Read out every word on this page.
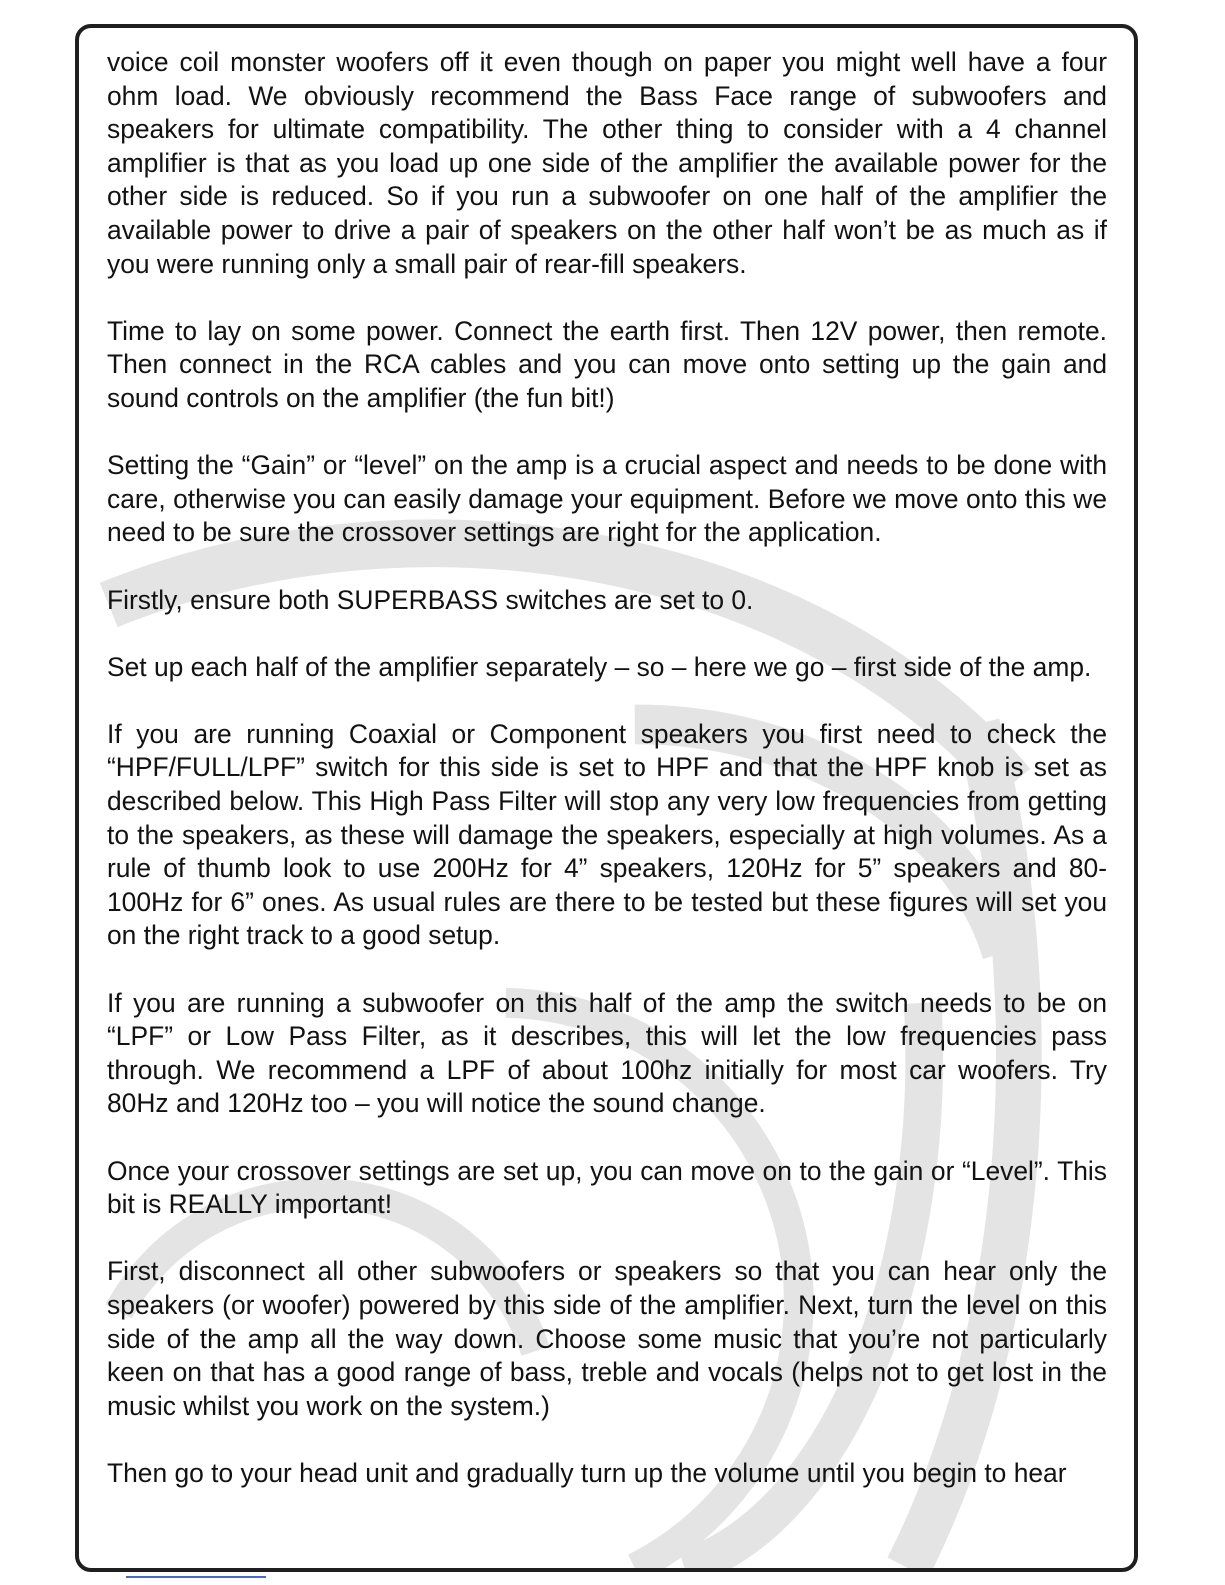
voice coil monster woofers off it even though on paper you might well have a four ohm load. We obviously recommend the Bass Face range of subwoofers and speakers for ultimate compatibility. The other thing to consider with a 4 channel amplifier is that as you load up one side of the amplifier the available power for the other side is reduced. So if you run a subwoofer on one half of the amplifier the available power to drive a pair of speakers on the other half won’t be as much as if you were running only a small pair of rear-fill speakers.

Time to lay on some power. Connect the earth first. Then 12V power, then remote. Then connect in the RCA cables and you can move onto setting up the gain and sound controls on the amplifier (the fun bit!)

Setting the “Gain” or “level” on the amp is a crucial aspect and needs to be done with care, otherwise you can easily damage your equipment. Before we move onto this we need to be sure the crossover settings are right for the application.

Firstly, ensure both SUPERBASS switches are set to 0.

Set up each half of the amplifier separately – so – here we go – first side of the amp.

If you are running Coaxial or Component speakers you first need to check the “HPF/FULL/LPF” switch for this side is set to HPF and that the HPF knob is set as described below. This High Pass Filter will stop any very low frequencies from getting to the speakers, as these will damage the speakers, especially at high volumes. As a rule of thumb look to use 200Hz for 4” speakers, 120Hz for 5” speakers and 80-100Hz for 6” ones. As usual rules are there to be tested but these figures will set you on the right track to a good setup.

If you are running a subwoofer on this half of the amp the switch needs to be on “LPF” or Low Pass Filter, as it describes, this will let the low frequencies pass through. We recommend a LPF of about 100hz initially for most car woofers. Try 80Hz and 120Hz too – you will notice the sound change.

Once your crossover settings are set up, you can move on to the gain or “Level”. This bit is REALLY important!

First, disconnect all other subwoofers or speakers so that you can hear only the speakers (or woofer) powered by this side of the amplifier. Next, turn the level on this side of the amp all the way down. Choose some music that you’re not particularly keen on that has a good range of bass, treble and vocals (helps not to get lost in the music whilst you work on the system.)

Then go to your head unit and gradually turn up the volume until you begin to hear
